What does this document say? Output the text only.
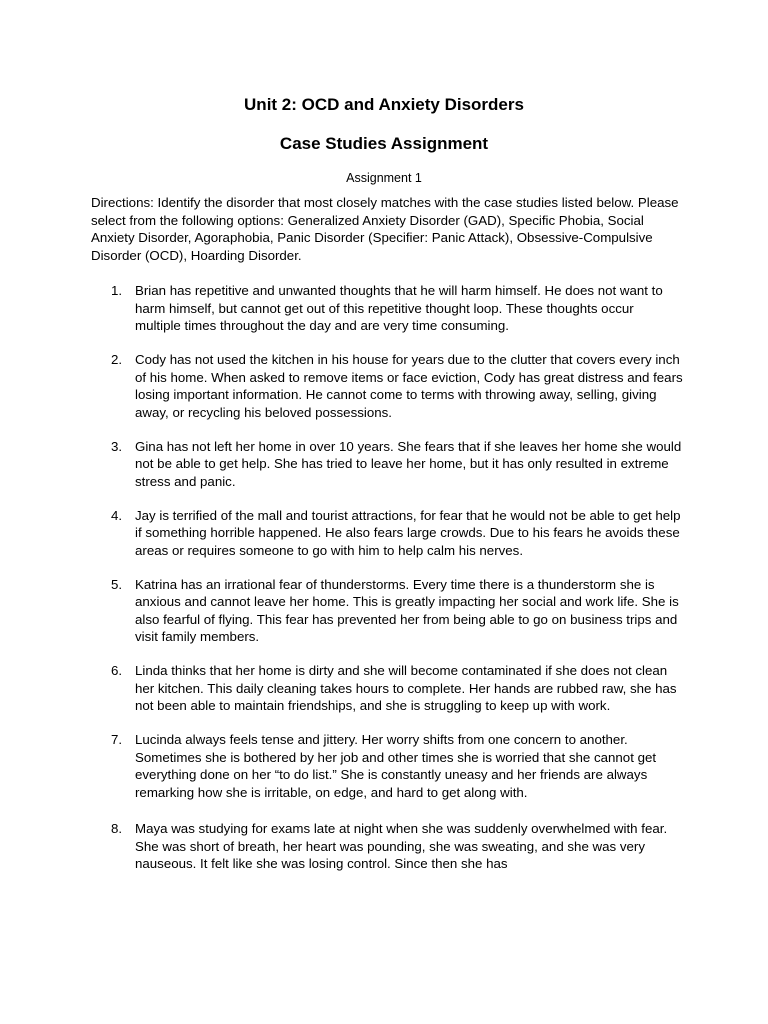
Unit 2: OCD and Anxiety Disorders
Case Studies Assignment
Assignment 1

Directions: Identify the disorder that most closely matches with the case studies listed below. Please select from the following options: Generalized Anxiety Disorder (GAD), Specific Phobia, Social Anxiety Disorder, Agoraphobia, Panic Disorder (Specifier: Panic Attack), Obsessive-Compulsive Disorder (OCD), Hoarding Disorder.

1. Brian has repetitive and unwanted thoughts that he will harm himself. He does not want to harm himself, but cannot get out of this repetitive thought loop. These thoughts occur multiple times throughout the day and are very time consuming.
2. Cody has not used the kitchen in his house for years due to the clutter that covers every inch of his home. When asked to remove items or face eviction, Cody has great distress and fears losing important information. He cannot come to terms with throwing away, selling, giving away, or recycling his beloved possessions.
3. Gina has not left her home in over 10 years. She fears that if she leaves her home she would not be able to get help. She has tried to leave her home, but it has only resulted in extreme stress and panic.
4. Jay is terrified of the mall and tourist attractions, for fear that he would not be able to get help if something horrible happened. He also fears large crowds. Due to his fears he avoids these areas or requires someone to go with him to help calm his nerves.
5. Katrina has an irrational fear of thunderstorms. Every time there is a thunderstorm she is anxious and cannot leave her home. This is greatly impacting her social and work life. She is also fearful of flying. This fear has prevented her from being able to go on business trips and visit family members.
6. Linda thinks that her home is dirty and she will become contaminated if she does not clean her kitchen. This daily cleaning takes hours to complete. Her hands are rubbed raw, she has not been able to maintain friendships, and she is struggling to keep up with work.
7. Lucinda always feels tense and jittery. Her worry shifts from one concern to another. Sometimes she is bothered by her job and other times she is worried that she cannot get everything done on her “to do list.” She is constantly uneasy and her friends are always remarking how she is irritable, on edge, and hard to get along with.
8. Maya was studying for exams late at night when she was suddenly overwhelmed with fear. She was short of breath, her heart was pounding, she was sweating, and she was very nauseous. It felt like she was losing control. Since then she has
